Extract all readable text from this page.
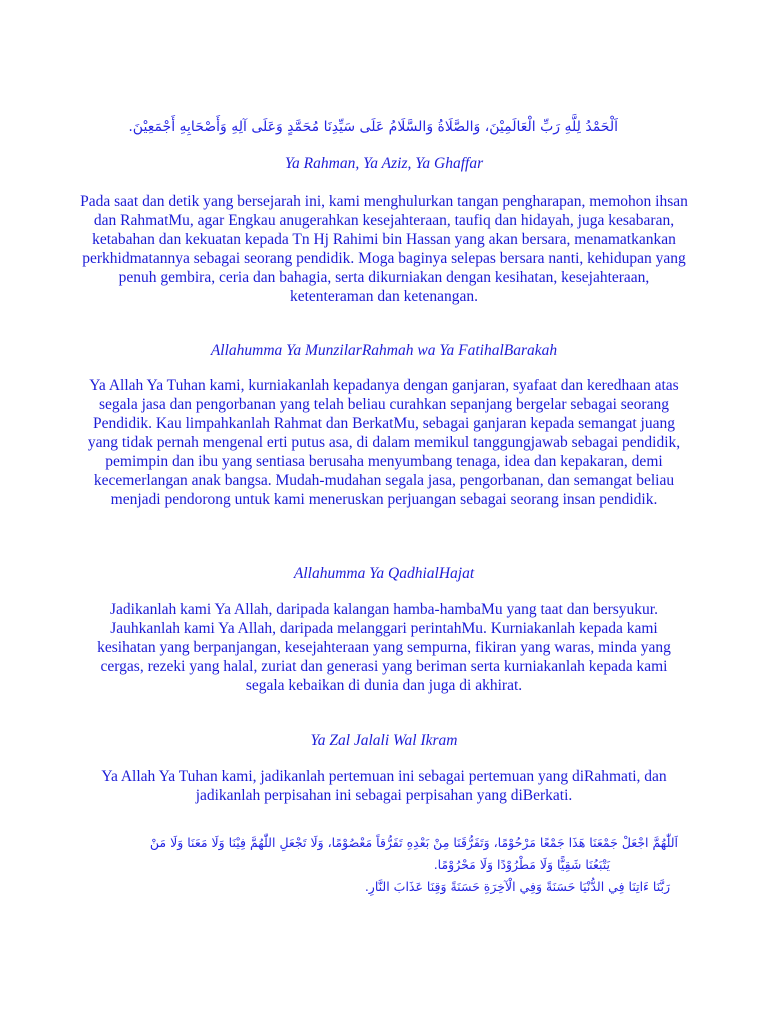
اَلْحَمْدُ لِلَّهِ رَبِّ الْعَالَمِيْنَ، وَالصَّلَاةُ وَالسَّلَامُ عَلَى سَيِّدِنَا مُحَمَّدٍ وَعَلَى آلِهِ وَأَصْحَابِهِ أَجْمَعِيْنَ.
Ya Rahman, Ya Aziz, Ya Ghaffar

Pada saat dan detik yang bersejarah ini, kami menghulurkan tangan pengharapan, memohon ihsan dan RahmatMu, agar Engkau anugerahkan kesejahteraan, taufiq dan hidayah, juga kesabaran, ketabahan dan kekuatan kepada Tn Hj Rahimi bin Hassan yang akan bersara, menamatkankan perkhidmatannya sebagai seorang pendidik. Moga baginya selepas bersara nanti, kehidupan yang penuh gembira, ceria dan bahagia, serta dikurniakan dengan kesihatan, kesejahteraan, ketenteraman dan ketenangan.

Allahumma Ya MunzilarRahmah wa Ya FatihalBarakah

Ya Allah Ya Tuhan kami, kurniakanlah kepadanya dengan ganjaran, syafaat dan keredhaan atas segala jasa dan pengorbanan yang telah beliau curahkan sepanjang bergelar sebagai seorang Pendidik. Kau limpahkanlah Rahmat dan BerkatMu, sebagai ganjaran kepada semangat juang yang tidak pernah mengenal erti putus asa, di dalam memikul tanggungjawab sebagai pendidik, pemimpin dan ibu yang sentiasa berusaha menyumbang tenaga, idea dan kepakaran, demi kecemerlangan anak bangsa. Mudah-mudahan segala jasa, pengorbanan, dan semangat beliau menjadi pendorong untuk kami meneruskan perjuangan sebagai seorang insan pendidik.

Allahumma Ya QadhialHajat

Jadikanlah kami Ya Allah, daripada kalangan hamba-hambaMu yang taat dan bersyukur. Jauhkanlah kami Ya Allah, daripada melanggari perintahMu. Kurniakanlah kepada kami kesihatan yang berpanjangan, kesejahteraan yang sempurna, fikiran yang waras, minda yang cergas, rezeki yang halal, zuriat dan generasi yang beriman serta kurniakanlah kepada kami segala kebaikan di dunia dan juga di akhirat.

Ya Zal Jalali Wal Ikram

Ya Allah Ya Tuhan kami, jadikanlah pertemuan ini sebagai pertemuan yang diRahmati, dan jadikanlah perpisahan ini sebagai perpisahan yang diBerkati.

اَللّٰهُمَّ اجْعَلْ جَمْعَنَا هَذَا جَمْعًا مَرْحُوْمًا، وَتَفَرُّقَنَا مِنْ بَعْدِهِ تَفَرُّقاً مَعْصُوْمًا، وَلَا تَجْعَلِ اللّٰهُمَّ فِيْنَا وَلَا مَعَنَا وَلَا مَنْ
يَتْبَعُنَا شَقِيًّا وَلَا مَطْرُوْدًا وَلَا مَحْرُوْمًا.
رَبَّنَا ءَاتِنَا فِي الدُّنْيَا حَسَنَةً وَفِي الْآخِرَةِ حَسَنَةً وَقِنَا عَذَابَ النَّارِ.
